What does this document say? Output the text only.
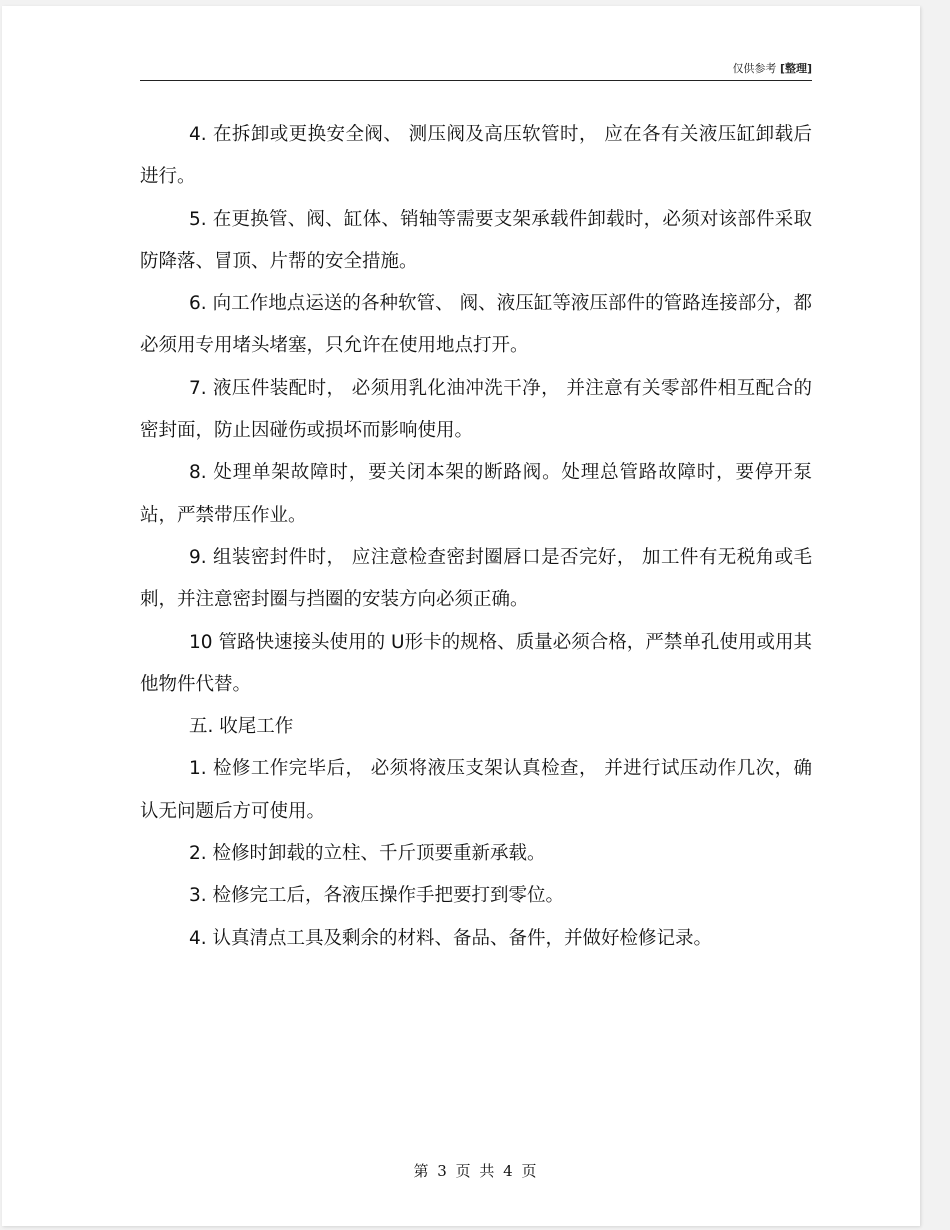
仅供参考 [整理]

4. 在拆卸或更换安全阀、 测压阀及高压软管时， 应在各有关液压缸卸载后进行。

5. 在更换管、阀、缸体、销轴等需要支架承载件卸载时，必须对该部件采取防降落、冒顶、片帮的安全措施。

6. 向工作地点运送的各种软管、 阀、液压缸等液压部件的管路连接部分，都必须用专用堵头堵塞，只允许在使用地点打开。

7. 液压件装配时， 必须用乳化油冲洗干净， 并注意有关零部件相互配合的密封面，防止因碰伤或损坏而影响使用。

8. 处理单架故障时，要关闭本架的断路阀。处理总管路故障时，要停开泵站，严禁带压作业。

9. 组装密封件时， 应注意检查密封圈唇口是否完好， 加工件有无税角或毛刺，并注意密封圈与挡圈的安装方向必须正确。

10 管路快速接头使用的 U形卡的规格、质量必须合格，严禁单孔使用或用其他物件代替。

五. 收尾工作

1. 检修工作完毕后， 必须将液压支架认真检查， 并进行试压动作几次，确认无问题后方可使用。

2. 检修时卸载的立柱、千斤顶要重新承载。

3. 检修完工后，各液压操作手把要打到零位。

4. 认真清点工具及剩余的材料、备品、备件，并做好检修记录。

第 3 页 共 4 页
